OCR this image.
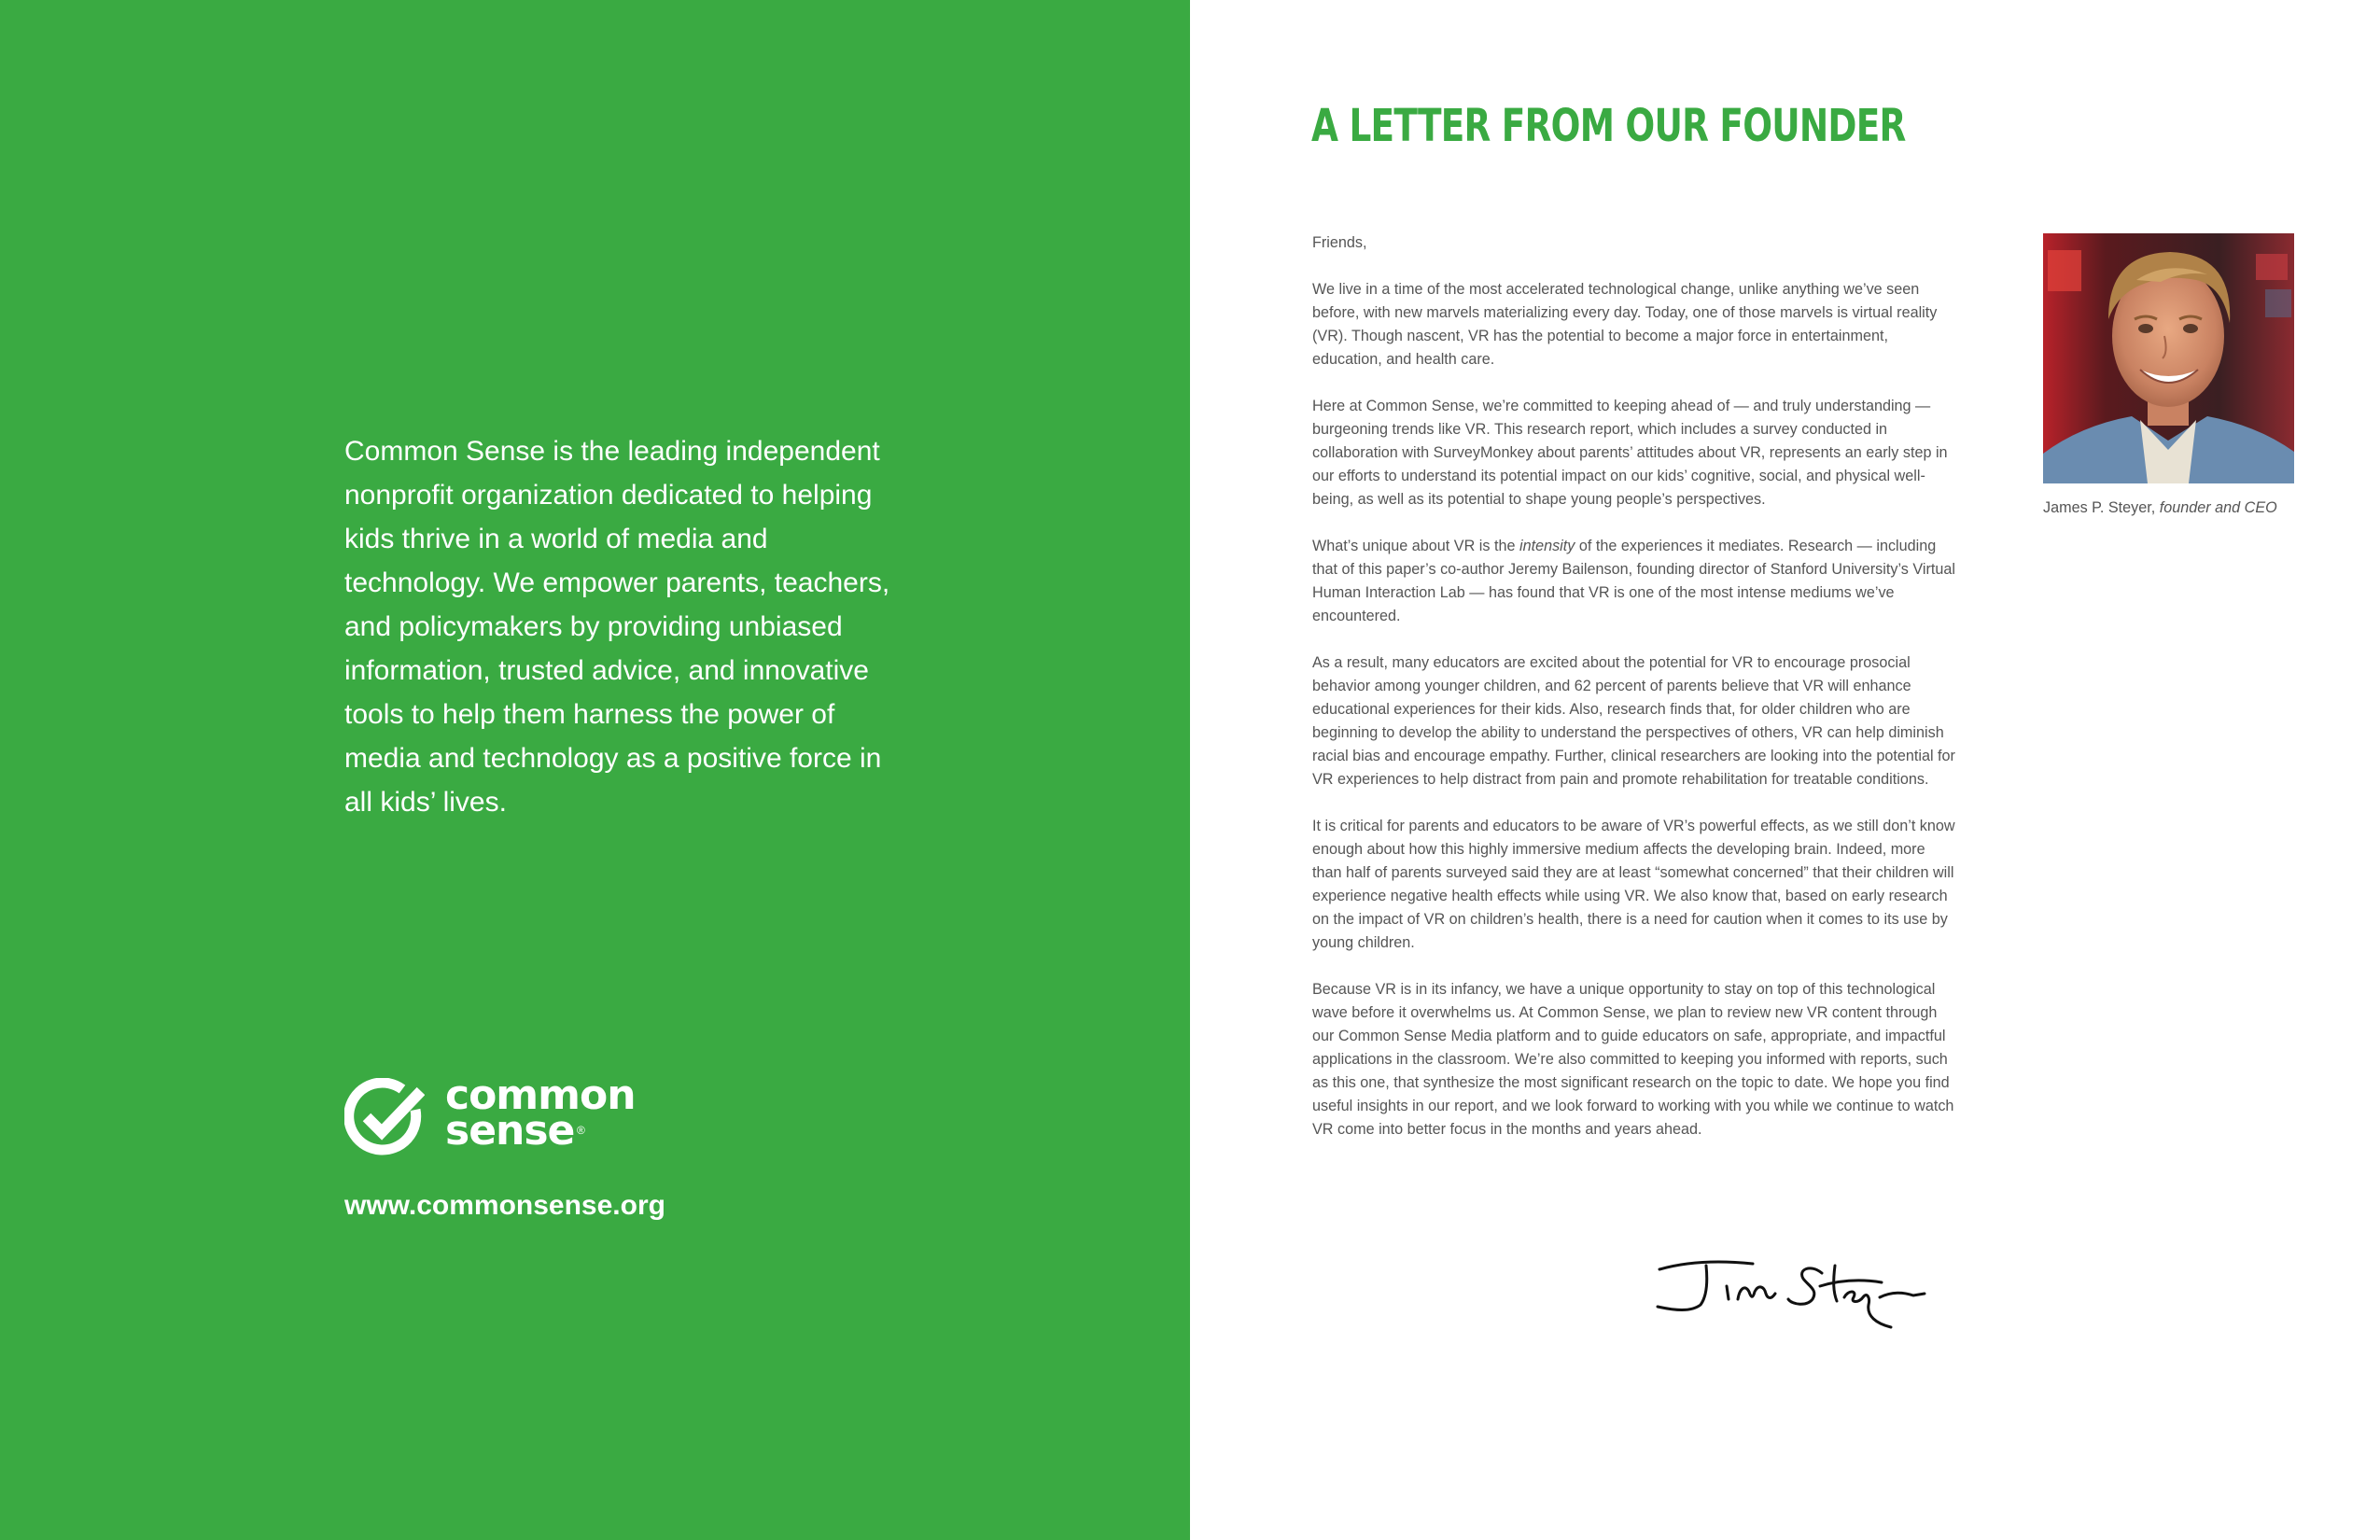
Common Sense is the leading independent nonprofit organization dedicated to helping kids thrive in a world of media and technology. We empower parents, teachers, and policymakers by providing unbiased information, trusted advice, and innovative tools to help them harness the power of media and technology as a positive force in all kids’ lives.

common
sense ®
www.commonsense.org
A LETTER FROM OUR FOUNDER

Friends,

We live in a time of the most accelerated technological change, unlike anything we’ve seen before, with new marvels materializing every day. Today, one of those marvels is virtual reality (VR). Though nascent, VR has the potential to become a major force in entertainment, education, and health care.

Here at Common Sense, we’re committed to keeping ahead of — and truly understanding — burgeoning trends like VR. This research report, which includes a survey conducted in collaboration with SurveyMonkey about parents’ attitudes about VR, represents an early step in our efforts to understand its potential impact on our kids’ cognitive, social, and physical well-being, as well as its potential to shape young people’s perspectives.

What’s unique about VR is the intensity of the experiences it mediates. Research — including that of this paper’s co-author Jeremy Bailenson, founding director of Stanford University’s Virtual Human Interaction Lab — has found that VR is one of the most intense mediums we’ve encountered.

As a result, many educators are excited about the potential for VR to encourage prosocial behavior among younger children, and 62 percent of parents believe that VR will enhance educational experiences for their kids. Also, research finds that, for older children who are beginning to develop the ability to understand the perspectives of others, VR can help diminish racial bias and encourage empathy. Further, clinical researchers are looking into the potential for VR experiences to help distract from pain and promote rehabilitation for treatable conditions.

It is critical for parents and educators to be aware of VR’s powerful effects, as we still don’t know enough about how this highly immersive medium affects the developing brain. Indeed, more than half of parents surveyed said they are at least “somewhat concerned” that their children will experience negative health effects while using VR. We also know that, based on early research on the impact of VR on children’s health, there is a need for caution when it comes to its use by young children.

Because VR is in its infancy, we have a unique opportunity to stay on top of this technological wave before it overwhelms us. At Common Sense, we plan to review new VR content through our Common Sense Media platform and to guide educators on safe, appropriate, and impactful applications in the classroom. We’re also committed to keeping you informed with reports, such as this one, that synthesize the most significant research on the topic to date. We hope you find useful insights in our report, and we look forward to working with you while we continue to watch VR come into better focus in the months and years ahead.

James P. Steyer, founder and CEO
